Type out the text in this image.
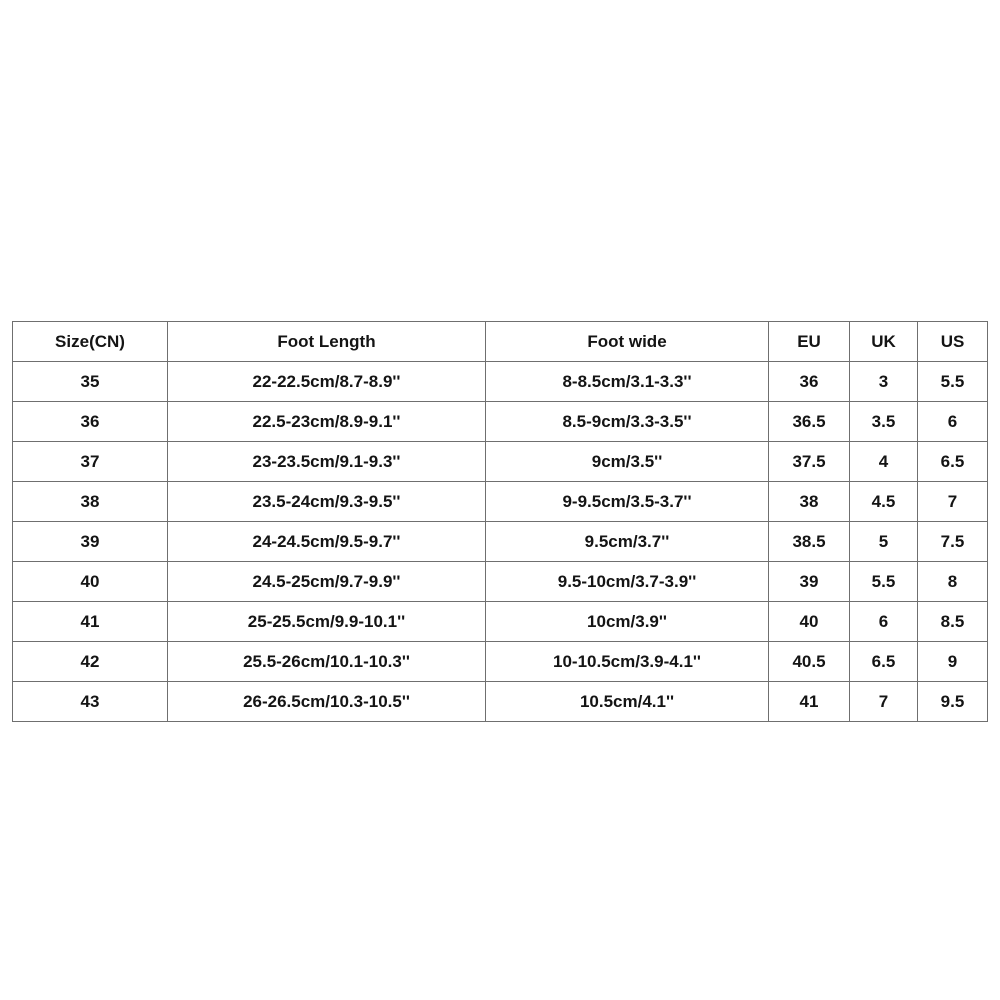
Size(CN)	Foot Length	Foot wide	EU	UK	US
35	22-22.5cm/8.7-8.9''	8-8.5cm/3.1-3.3''	36	3	5.5
36	22.5-23cm/8.9-9.1''	8.5-9cm/3.3-3.5''	36.5	3.5	6
37	23-23.5cm/9.1-9.3''	9cm/3.5''	37.5	4	6.5
38	23.5-24cm/9.3-9.5''	9-9.5cm/3.5-3.7''	38	4.5	7
39	24-24.5cm/9.5-9.7''	9.5cm/3.7''	38.5	5	7.5
40	24.5-25cm/9.7-9.9''	9.5-10cm/3.7-3.9''	39	5.5	8
41	25-25.5cm/9.9-10.1''	10cm/3.9''	40	6	8.5
42	25.5-26cm/10.1-10.3''	10-10.5cm/3.9-4.1''	40.5	6.5	9
43	26-26.5cm/10.3-10.5''	10.5cm/4.1''	41	7	9.5
